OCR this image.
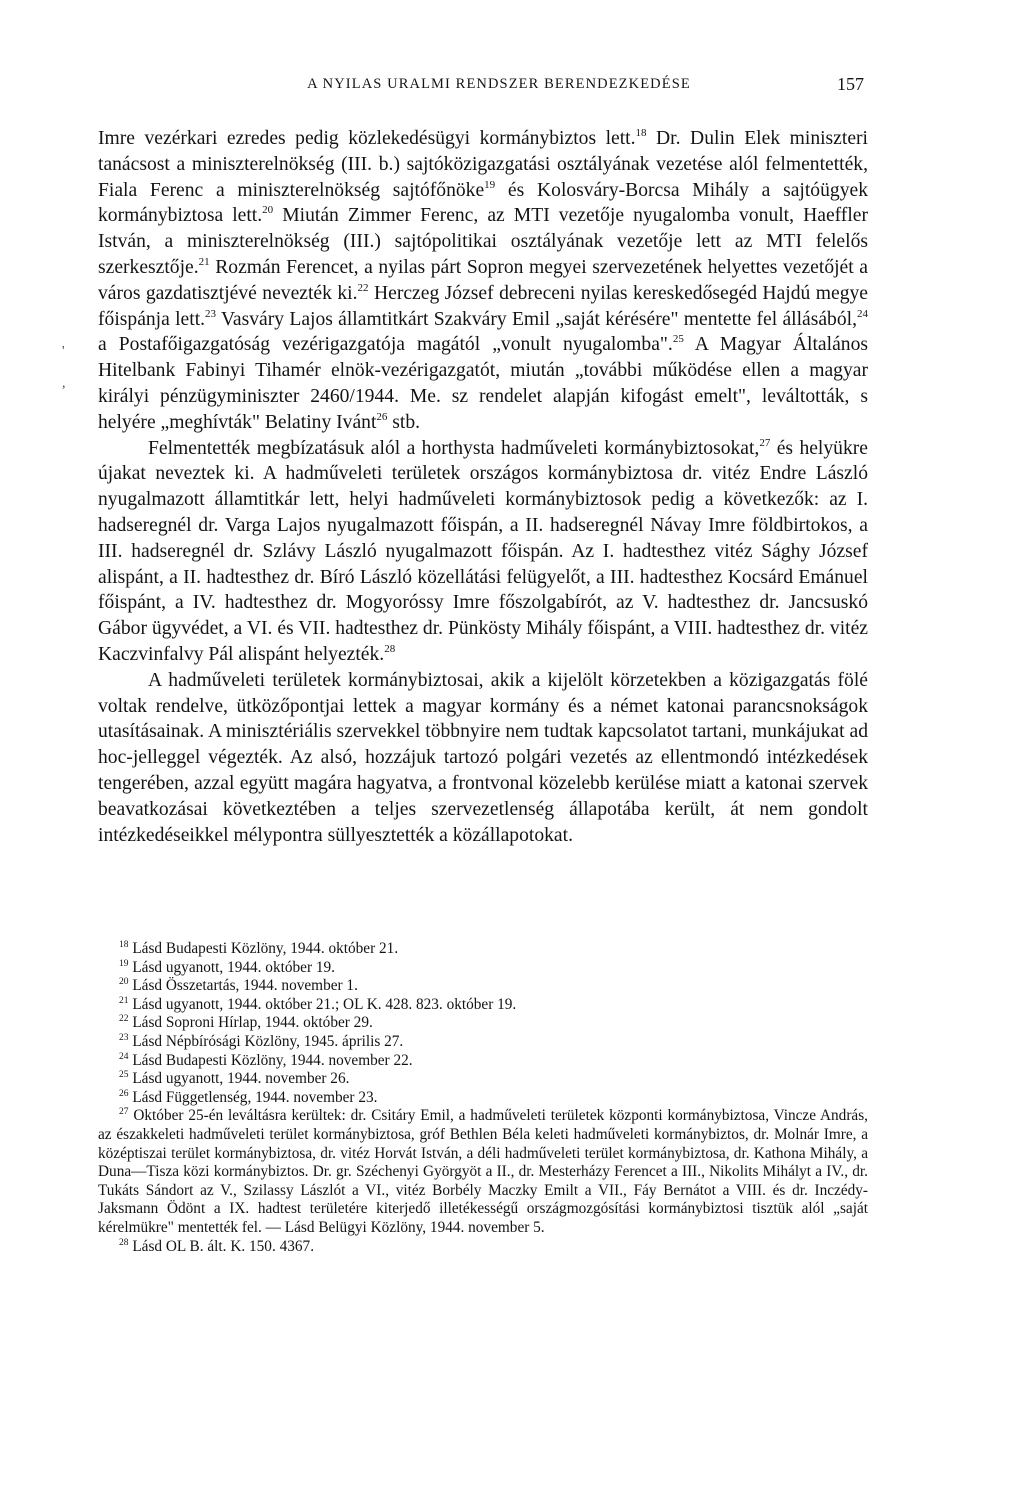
A NYILAS URALMI RENDSZER BERENDEZKEDÉSE	157
'
,

Imre vezérkari ezredes pedig közlekedésügyi kormánybiztos lett.$^{18}$ Dr. Dulin Elek miniszteri tanácsost a miniszterelnökség (III. b.) sajtóközigazgatási osztályának vezetése alól felmentették, Fiala Ferenc a miniszterelnökség sajtófőnöke$^{19}$ és Kolosváry-Borcsa Mihály a sajtóügyek kormánybiztosa lett.$^{20}$ Miután Zimmer Ferenc, az MTI vezetője nyugalomba vonult, Haeffler István, a miniszterelnökség (III.) sajtópolitikai osztályának vezetője lett az MTI felelős szerkesztője.$^{21}$ Rozmán Ferencet, a nyilas párt Sopron megyei szervezetének helyettes vezetőjét a város gazdatisztjévé nevezték ki.$^{22}$ Herczeg József debreceni nyilas kereskedősegéd Hajdú megye főispánja lett.$^{23}$ Vasváry Lajos államtitkárt Szakváry Emil „saját kérésére" mentette fel állásából,$^{24}$ a Postafőigazgatóság vezérigazgatója magától „vonult nyugalomba".$^{25}$ A Magyar Általános Hitelbank Fabinyi Tihamér elnök-vezérigazgatót, miután „további működése ellen a magyar királyi pénzügyminiszter 2460/1944. Me. sz rendelet alapján kifogást emelt", leváltották, s helyére „meghívták" Belatiny Ivánt$^{26}$ stb.

Felmentették megbízatásuk alól a horthysta hadműveleti kormánybiztosokat,$^{27}$ és helyükre újakat neveztek ki. A hadműveleti területek országos kormánybiztosa dr. vitéz Endre László nyugalmazott államtitkár lett, helyi hadműveleti kormánybiztosok pedig a következők: az I. hadseregnél dr. Varga Lajos nyugalmazott főispán, a II. hadseregnél Návay Imre földbirtokos, a III. hadseregnél dr. Szlávy László nyugalmazott főispán. Az I. hadtesthez vitéz Sághy József alispánt, a II. hadtesthez dr. Bíró László közellátási felügyelőt, a III. hadtesthez Kocsárd Emánuel főispánt, a IV. hadtesthez dr. Mogyoróssy Imre főszolgabírót, az V. hadtesthez dr. Jancsuskó Gábor ügyvédet, a VI. és VII. hadtesthez dr. Pünkösty Mihály főispánt, a VIII. hadtesthez dr. vitéz Kaczvinfalvy Pál alispánt helyezték.$^{28}$

A hadműveleti területek kormánybiztosai, akik a kijelölt körzetekben a közigazgatás fölé voltak rendelve, ütközőpontjai lettek a magyar kormány és a német katonai parancsnokságok utasításainak. A minisztériális szervekkel többnyire nem tudtak kapcsolatot tartani, munkájukat ad hoc-jelleggel végezték. Az alsó, hozzájuk tartozó polgári vezetés az ellentmondó intézkedések tengerében, azzal együtt magára hagyatva, a frontvonal közelebb kerülése miatt a katonai szervek beavatkozásai következtében a teljes szervezetlenség állapotába került, át nem gondolt intézkedéseikkel mélypontra süllyesztették a közállapotokat.

$^{18}$ Lásd Budapesti Közlöny, 1944. október 21.
$^{19}$ Lásd ugyanott, 1944. október 19.
$^{20}$ Lásd Összetartás, 1944. november 1.
$^{21}$ Lásd ugyanott, 1944. október 21.; OL K. 428. 823. október 19.
$^{22}$ Lásd Soproni Hírlap, 1944. október 29.
$^{23}$ Lásd Népbírósági Közlöny, 1945. április 27.
$^{24}$ Lásd Budapesti Közlöny, 1944. november 22.
$^{25}$ Lásd ugyanott, 1944. november 26.
$^{26}$ Lásd Függetlenség, 1944. november 23.
$^{27}$ Október 25-én leváltásra kerültek: dr. Csitáry Emil, a hadműveleti területek központi kormánybiztosa, Vincze András, az északkeleti hadműveleti terület kormánybiztosa, gróf Bethlen Béla keleti hadműveleti kormánybiztos, dr. Molnár Imre, a középtiszai terület kormánybiztosa, dr. vitéz Horvát István, a déli hadműveleti terület kormánybiztosa, dr. Kathona Mihály, a Duna—Tisza közi kormánybiztos. Dr. gr. Széchenyi Györgyöt a II., dr. Mesterházy Ferencet a III., Nikolits Mihályt a IV., dr. Tukáts Sándort az V., Szilassy Lászlót a VI., vitéz Borbély Maczky Emilt a VII., Fáy Bernátot a VIII. és dr. Inczédy-Jaksmann Ödönt a IX. hadtest területére kiterjedő illetékességű országmozgósítási kormánybiztosi tisztük alól „saját kérelmükre" mentették fel. — Lásd Belügyi Közlöny, 1944. november 5.
$^{28}$ Lásd OL B. ált. K. 150. 4367.
